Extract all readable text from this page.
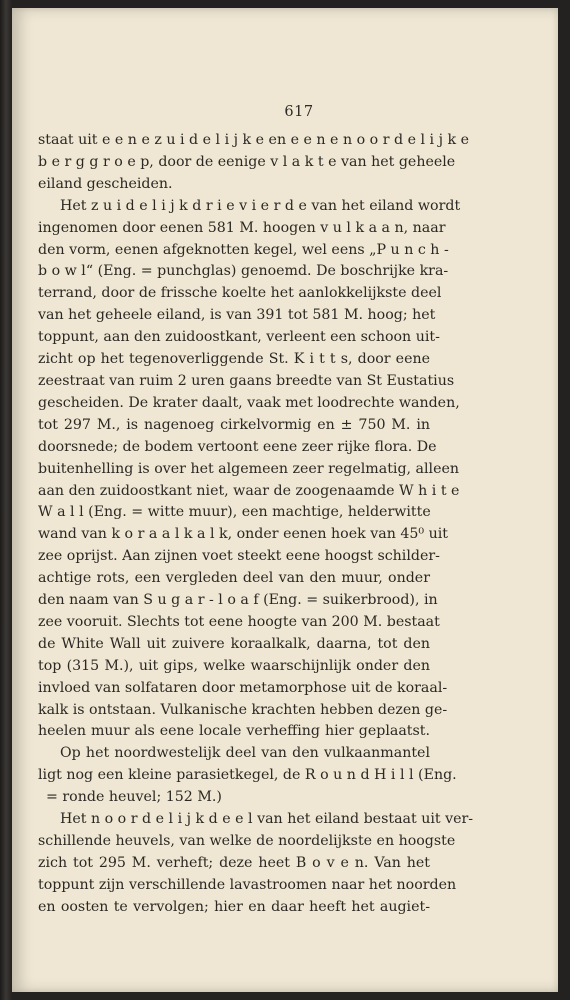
617
staat uit e e n e z u i d e l i j k e en e e n e n o o r d e l i j k e
b e r g g r o e p, door de eenige v l a k t e van het geheele
eiland gescheiden.
Het z u i d e l i j k d r i e v i e r d e van het eiland wordt
ingenomen door eenen 581 M. hoogen v u l k a a n, naar
den vorm, eenen afgeknotten kegel, wel eens „P u n c h -
b o w l“ (Eng. = punchglas) genoemd. De boschrijke kra-
terrand, door de frissche koelte het aanlokkelijkste deel
van het geheele eiland, is van 391 tot 581 M. hoog; het
toppunt, aan den zuidoostkant, verleent een schoon uit-
zicht op het tegenoverliggende St. K i t t s, door eene
zeestraat van ruim 2 uren gaans breedte van St Eustatius
gescheiden. De krater daalt, vaak met loodrechte wanden,
tot 297 M., is nagenoeg cirkelvormig en ± 750 M. in
doorsnede; de bodem vertoont eene zeer rijke flora. De
buitenhelling is over het algemeen zeer regelmatig, alleen
aan den zuidoostkant niet, waar de zoogenaamde W h i t e
W a l l (Eng. = witte muur), een machtige, helderwitte
wand van k o r a a l k a l k, onder eenen hoek van 45⁰ uit
zee oprijst. Aan zijnen voet steekt eene hoogst schilder-
achtige rots, een vergleden deel van den muur, onder
den naam van S u g a r - l o a f (Eng. = suikerbrood), in
zee vooruit. Slechts tot eene hoogte van 200 M. bestaat
de White Wall uit zuivere koraalkalk, daarna, tot den
top (315 M.), uit gips, welke waarschijnlijk onder den
invloed van solfataren door metamorphose uit de koraal-
kalk is ontstaan. Vulkanische krachten hebben dezen ge-
heelen muur als eene locale verheffing hier geplaatst.
Op het noordwestelijk deel van den vulkaanmantel
ligt nog een kleine parasietkegel, de R o u n d H i l l (Eng.
= ronde heuvel; 152 M.)
Het n o o r d e l i j k d e e l van het eiland bestaat uit ver-
schillende heuvels, van welke de noordelijkste en hoogste
zich tot 295 M. verheft; deze heet B o v e n. Van het
toppunt zijn verschillende lavastroomen naar het noorden
en oosten te vervolgen; hier en daar heeft het augiet-
